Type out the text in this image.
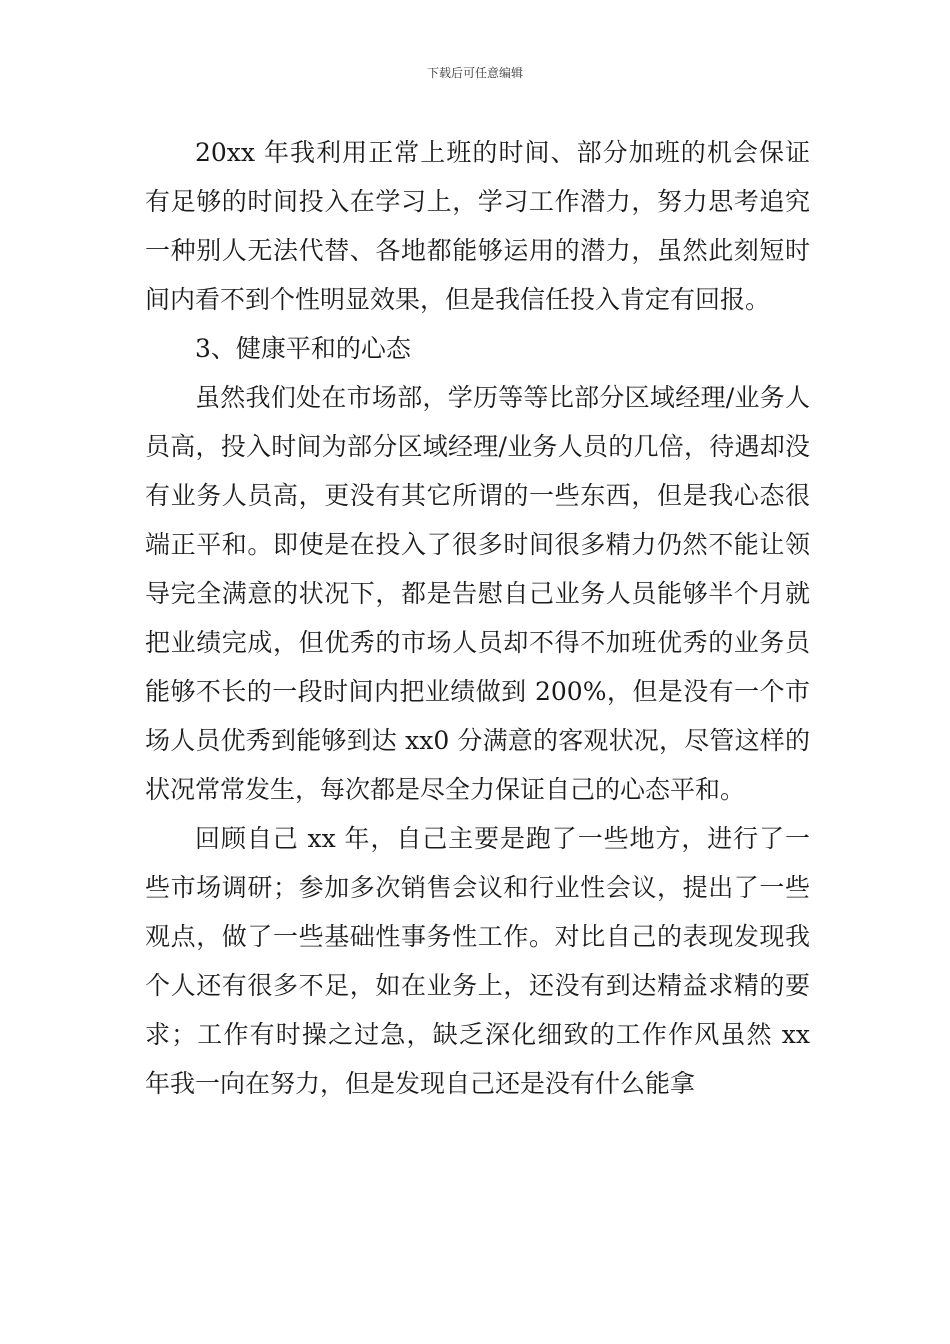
下载后可任意编辑

20xx 年我利用正常上班的时间、部分加班的机会保证有足够的时间投入在学习上，学习工作潜力，努力思考追究一种别人无法代替、各地都能够运用的潜力，虽然此刻短时间内看不到个性明显效果，但是我信任投入肯定有回报。

3、健康平和的心态

虽然我们处在市场部，学历等等比部分区域经理/业务人员高，投入时间为部分区域经理/业务人员的几倍，待遇却没有业务人员高，更没有其它所谓的一些东西，但是我心态很端正平和。即使是在投入了很多时间很多精力仍然不能让领导完全满意的状况下，都是告慰自己业务人员能够半个月就把业绩完成，但优秀的市场人员却不得不加班优秀的业务员能够不长的一段时间内把业绩做到 200%，但是没有一个市场人员优秀到能够到达 xx0 分满意的客观状况，尽管这样的状况常常发生，每次都是尽全力保证自己的心态平和。

回顾自己 xx 年，自己主要是跑了一些地方，进行了一些市场调研；参加多次销售会议和行业性会议，提出了一些观点，做了一些基础性事务性工作。对比自己的表现发现我个人还有很多不足，如在业务上，还没有到达精益求精的要求；工作有时操之过急，缺乏深化细致的工作作风虽然 xx 年我一向在努力，但是发现自己还是没有什么能拿
